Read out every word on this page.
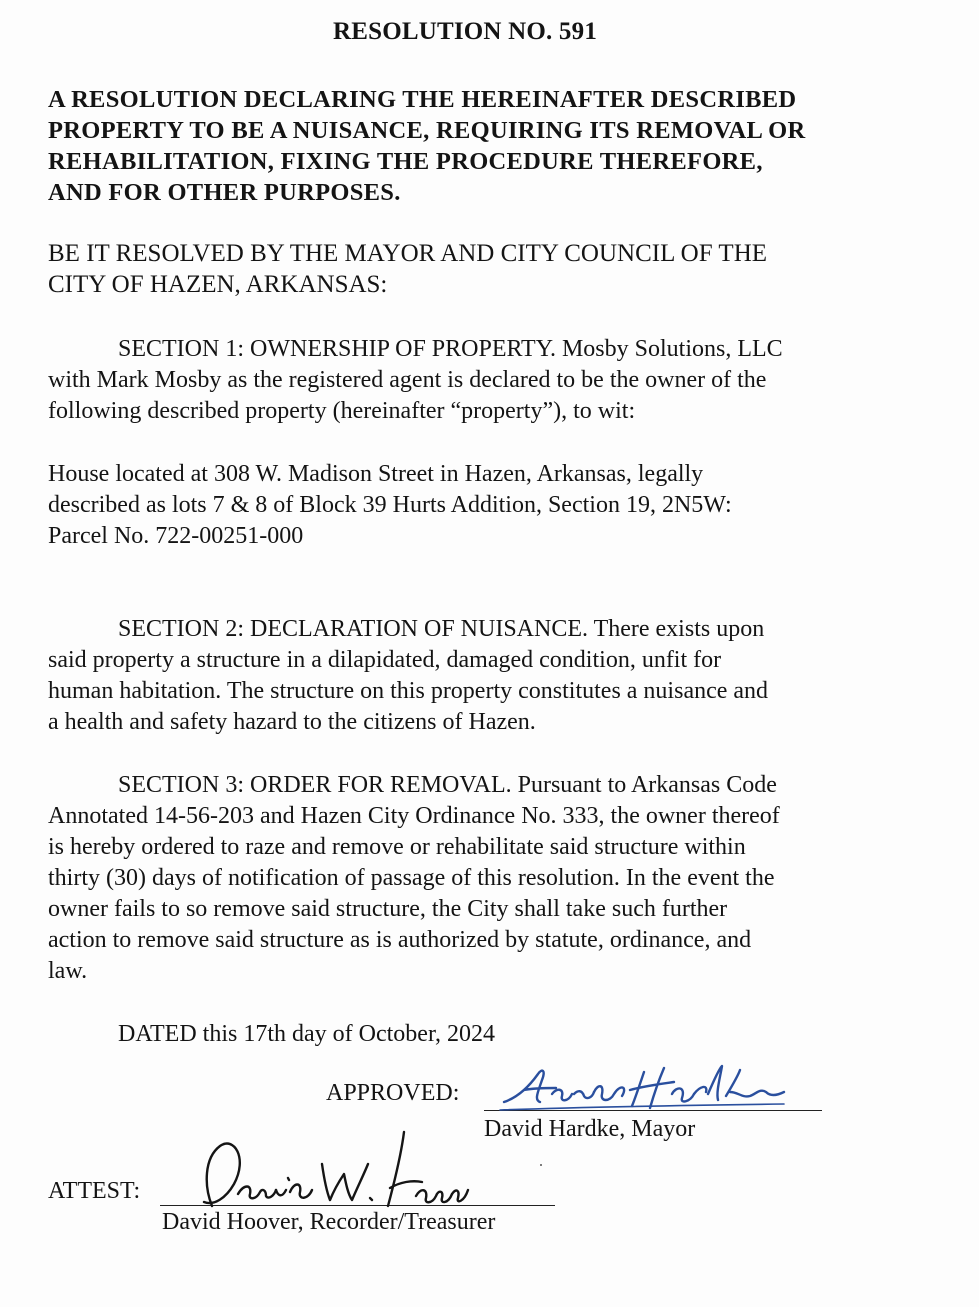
RESOLUTION NO. 591
A RESOLUTION DECLARING THE HEREINAFTER DESCRIBED
PROPERTY TO BE A NUISANCE, REQUIRING ITS REMOVAL OR
REHABILITATION, FIXING THE PROCEDURE THEREFORE,
AND FOR OTHER PURPOSES.
BE IT RESOLVED BY THE MAYOR AND CITY COUNCIL OF THE
CITY OF HAZEN, ARKANSAS:
SECTION 1: OWNERSHIP OF PROPERTY. Mosby Solutions, LLC
with Mark Mosby as the registered agent is declared to be the owner of the
following described property (hereinafter “property”), to wit:
House located at 308 W. Madison Street in Hazen, Arkansas, legally
described as lots 7 & 8 of Block 39 Hurts Addition, Section 19, 2N5W:
Parcel No. 722-00251-000
SECTION 2: DECLARATION OF NUISANCE. There exists upon
said property a structure in a dilapidated, damaged condition, unfit for
human habitation. The structure on this property constitutes a nuisance and
a health and safety hazard to the citizens of Hazen.
SECTION 3: ORDER FOR REMOVAL. Pursuant to Arkansas Code
Annotated 14-56-203 and Hazen City Ordinance No. 333, the owner thereof
is hereby ordered to raze and remove or rehabilitate said structure within
thirty (30) days of notification of passage of this resolution. In the event the
owner fails to so remove said structure, the City shall take such further
action to remove said structure as is authorized by statute, ordinance, and
law.
DATED this 17th day of October, 2024
APPROVED:
David Hardke, Mayor
ATTEST:
David Hoover, Recorder/Treasurer
